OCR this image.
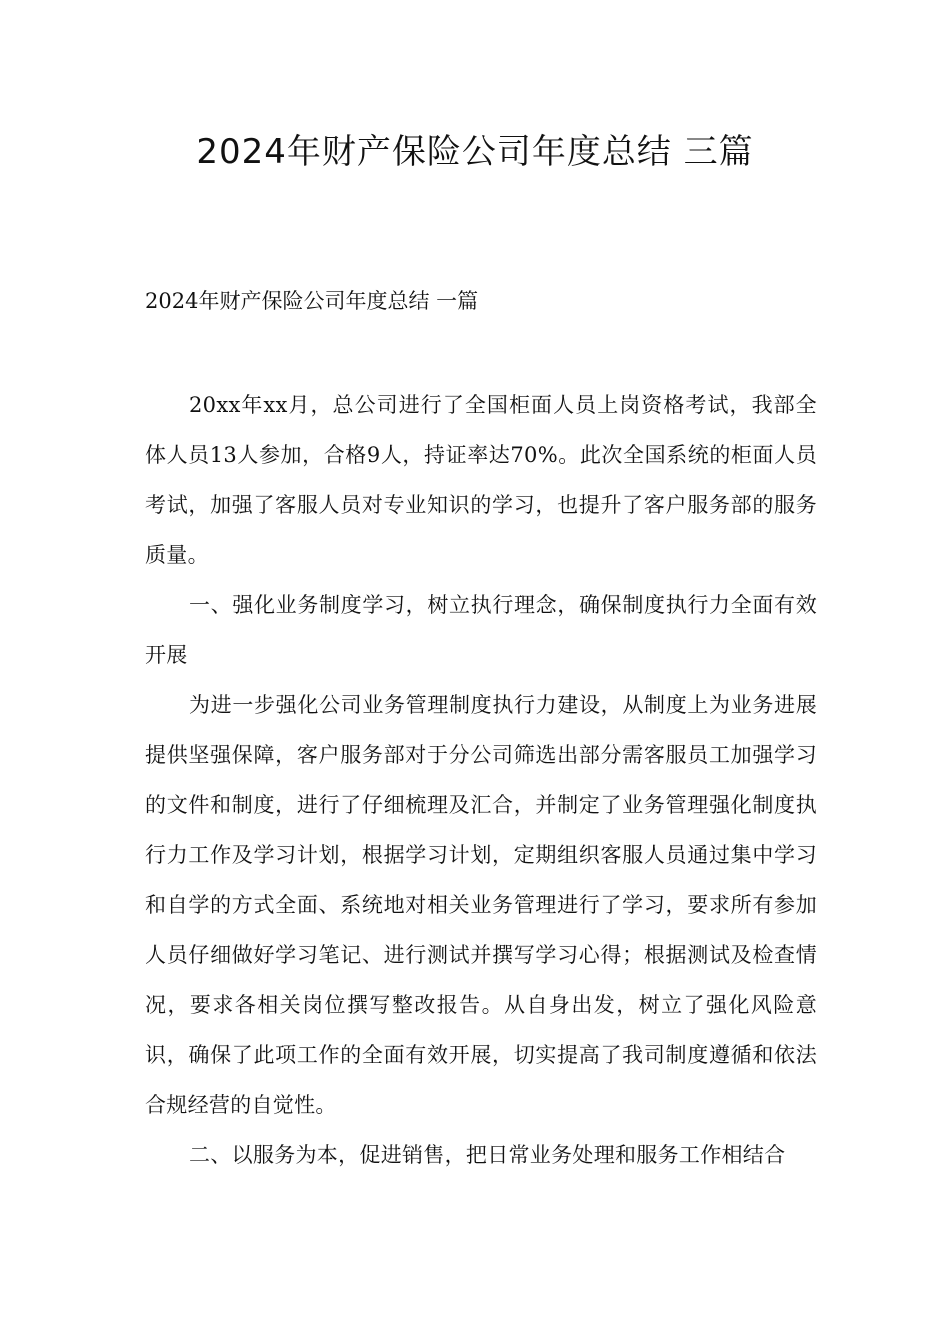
2024年财产保险公司年度总结 三篇
2024年财产保险公司年度总结 一篇

20xx年xx月，总公司进行了全国柜面人员上岗资格考试，我部全体人员13人参加，合格9人，持证率达70%。此次全国系统的柜面人员考试，加强了客服人员对专业知识的学习，也提升了客户服务部的服务质量。

一、强化业务制度学习，树立执行理念，确保制度执行力全面有效开展

为进一步强化公司业务管理制度执行力建设，从制度上为业务进展提供坚强保障，客户服务部对于分公司筛选出部分需客服员工加强学习的文件和制度，进行了仔细梳理及汇合，并制定了业务管理强化制度执行力工作及学习计划，根据学习计划，定期组织客服人员通过集中学习和自学的方式全面、系统地对相关业务管理进行了学习，要求所有参加人员仔细做好学习笔记、进行测试并撰写学习心得；根据测试及检查情况，要求各相关岗位撰写整改报告。从自身出发，树立了强化风险意识，确保了此项工作的全面有效开展，切实提高了我司制度遵循和依法合规经营的自觉性。

二、以服务为本，促进销售，把日常业务处理和服务工作相结合
